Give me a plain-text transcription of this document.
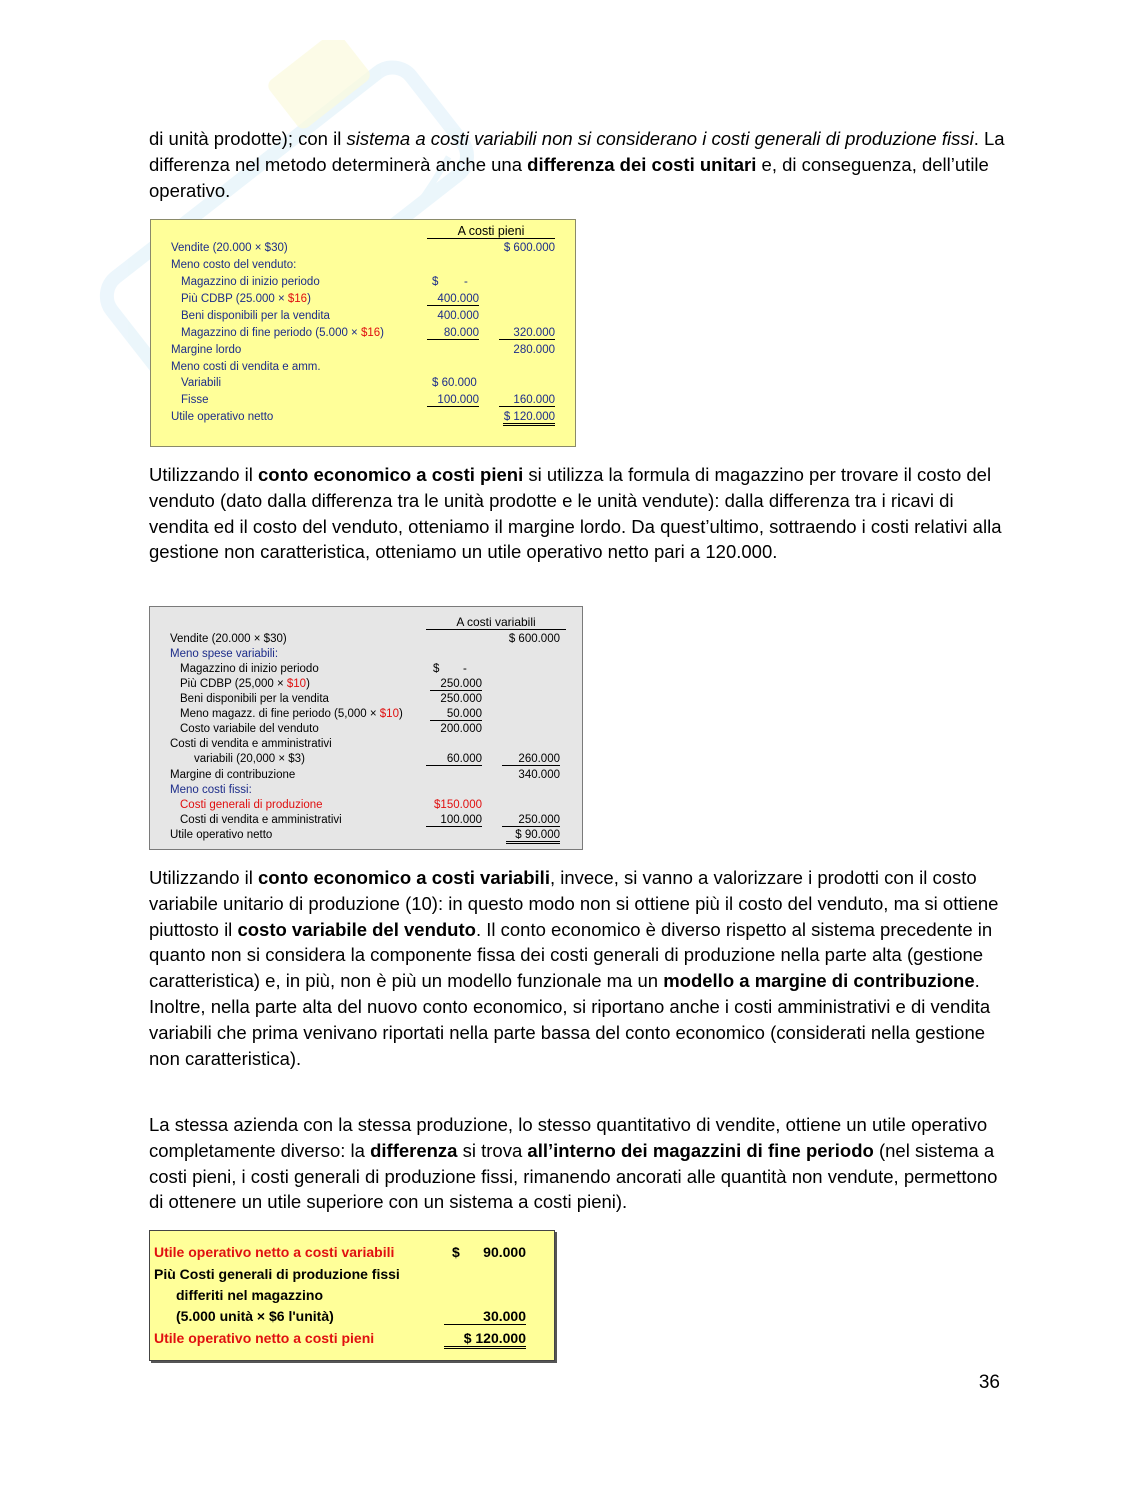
di unità prodotte); con il sistema a costi variabili non si considerano i costi generali di produzione fissi. La differenza nel metodo determinerà anche una differenza dei costi unitari e, di conseguenza, dell’utile operativo.

A costi pieni
Vendite (20.000 × $30)	$ 600.000
Meno costo del venduto:
Magazzino di inizio periodo	$ -
Più CDBP (25.000 × $16)	400.000
Beni disponibili per la vendita	400.000
Magazzino di fine periodo (5.000 × $16)	80.000	320.000
Margine lordo	280.000
Meno costi di vendita e amm.
Variabili	$ 60.000
Fisse	100.000	160.000
Utile operativo netto	$ 120.000

Utilizzando il conto economico a costi pieni si utilizza la formula di magazzino per trovare il costo del venduto (dato dalla differenza tra le unità prodotte e le unità vendute): dalla differenza tra i ricavi di vendita ed il costo del venduto, otteniamo il margine lordo. Da quest’ultimo, sottraendo i costi relativi alla gestione non caratteristica, otteniamo un utile operativo netto pari a 120.000.

A costi variabili
Vendite (20.000 × $30)	$ 600.000
Meno spese variabili:
Magazzino di inizio periodo	$ -
Più CDBP (25,000 × $10)	250.000
Beni disponibili per la vendita	250.000
Meno magazz. di fine periodo (5,000 × $10)	50.000
Costo variabile del venduto	200.000
Costi di vendita e amministrativi
variabili (20,000 × $3)	60.000	260.000
Margine di contribuzione	340.000
Meno costi fissi:
Costi generali di produzione	$150.000
Costi di vendita e amministrativi	100.000	250.000
Utile operativo netto	$ 90.000

Utilizzando il conto economico a costi variabili, invece, si vanno a valorizzare i prodotti con il costo variabile unitario di produzione (10): in questo modo non si ottiene più il costo del venduto, ma si ottiene piuttosto il costo variabile del venduto. Il conto economico è diverso rispetto al sistema precedente in quanto non si considera la componente fissa dei costi generali di produzione nella parte alta (gestione caratteristica) e, in più, non è più un modello funzionale ma un modello a margine di contribuzione. Inoltre, nella parte alta del nuovo conto economico, si riportano anche i costi amministrativi e di vendita variabili che prima venivano riportati nella parte bassa del conto economico (considerati nella gestione non caratteristica).

La stessa azienda con la stessa produzione, lo stesso quantitativo di vendite, ottiene un utile operativo completamente diverso: la differenza si trova all’interno dei magazzini di fine periodo (nel sistema a costi pieni, i costi generali di produzione fissi, rimanendo ancorati alle quantità non vendute, permettono di ottenere un utile superiore con un sistema a costi pieni).

Utile operativo netto a costi variabili	$	90.000
Più Costi generali di produzione fissi
differiti nel magazzino
(5.000 unità × $6 l'unità)	30.000
Utile operativo netto a costi pieni	$ 120.000
36
